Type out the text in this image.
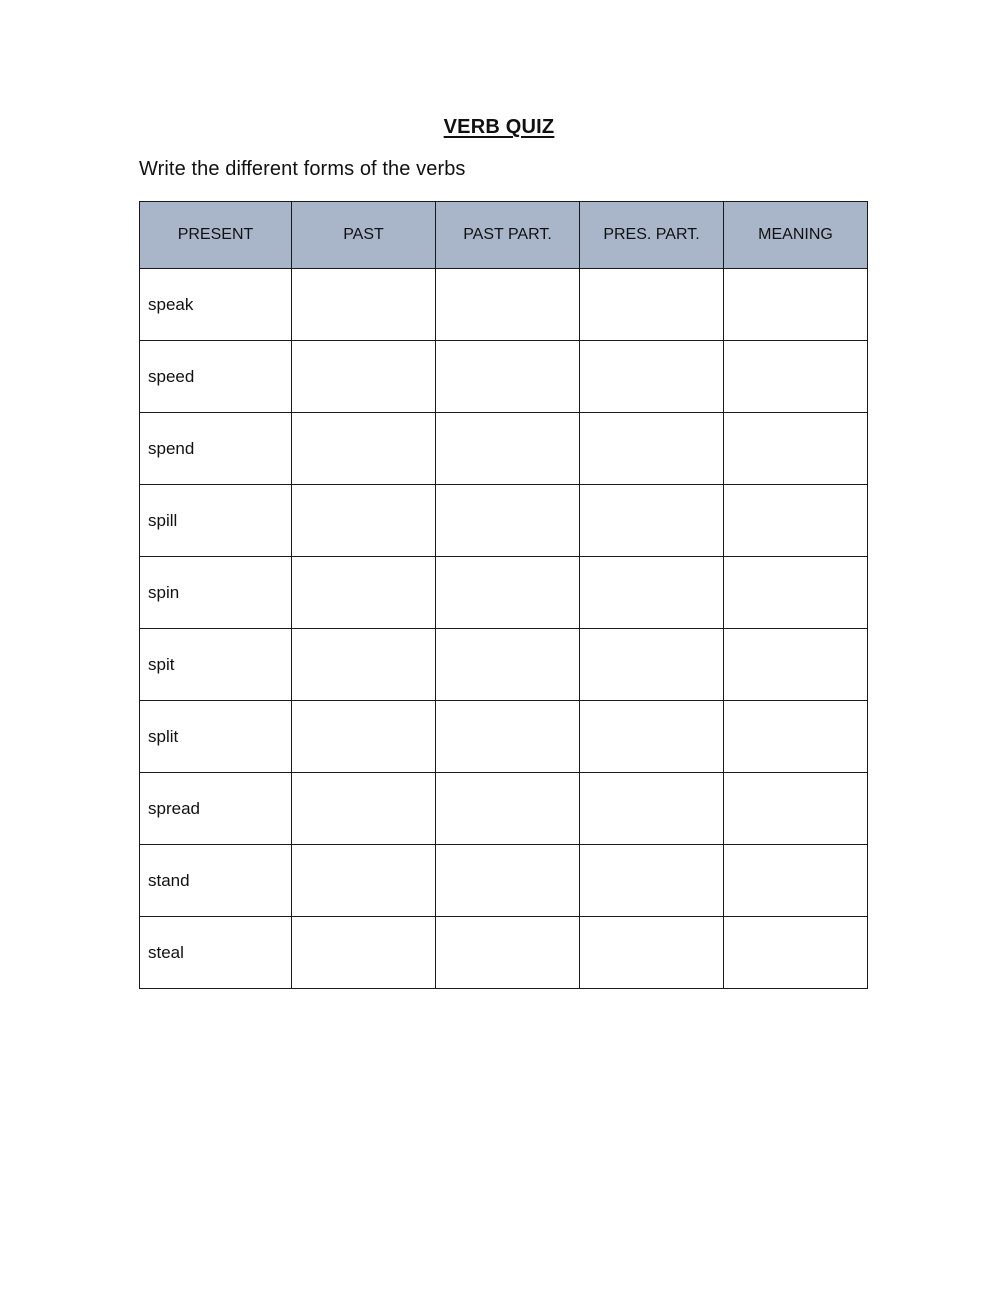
VERB QUIZ

Write the different forms of the verbs

PRESENT	PAST	PAST PART.	PRES. PART.	MEANING
speak				
speed				
spend				
spill				
spin				
spit				
split				
spread				
stand				
steal				
